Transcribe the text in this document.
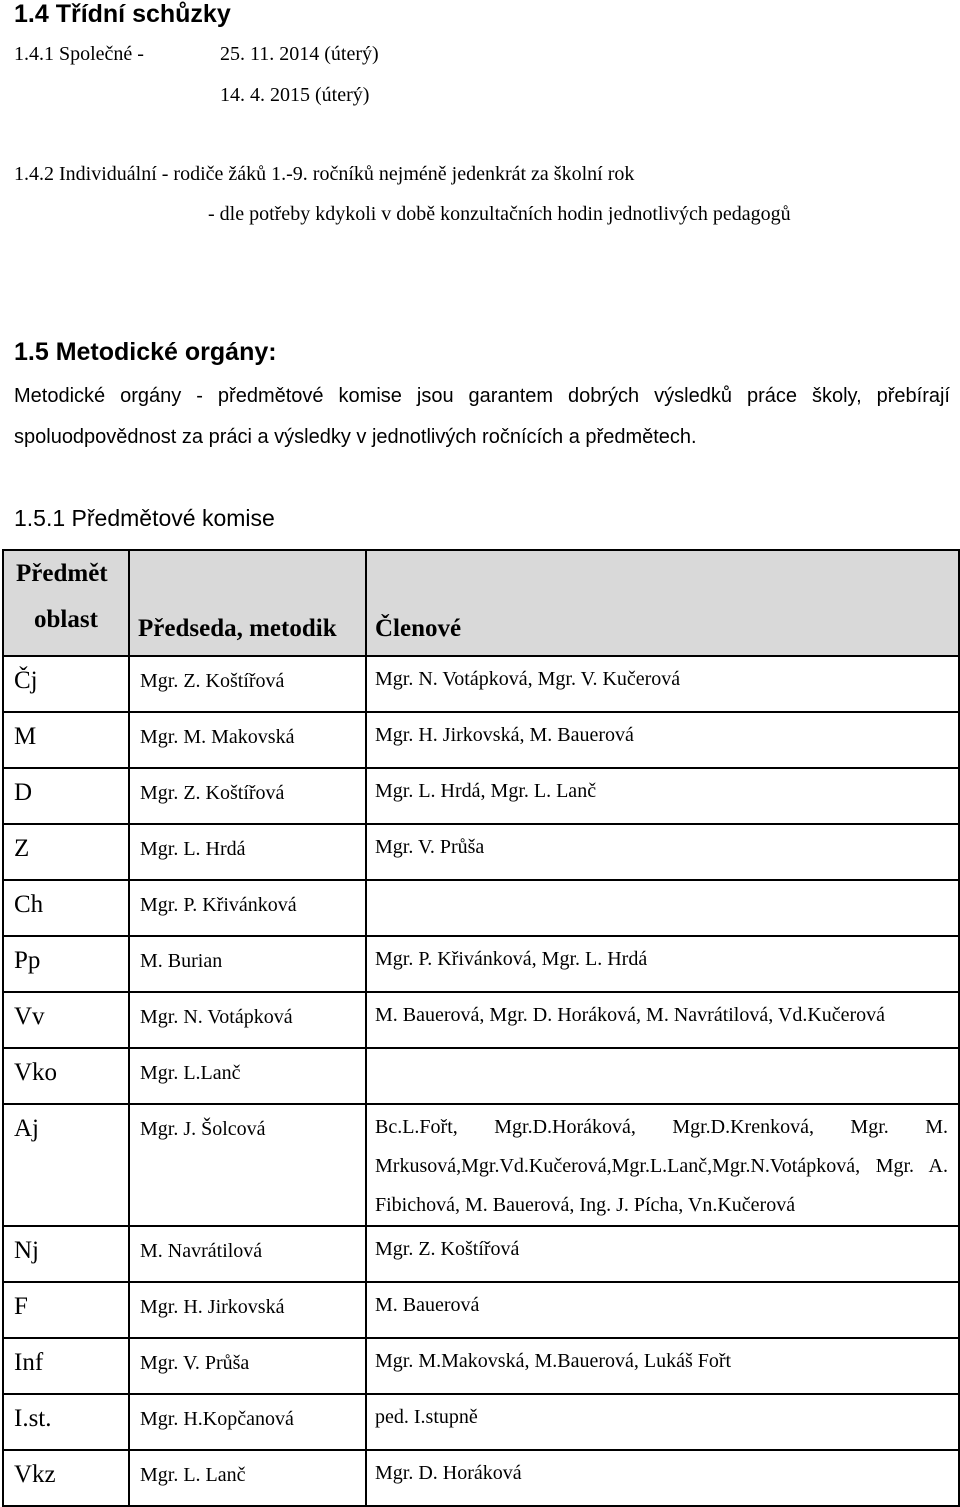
1.4 Třídní schůzky
1.4.1 Společné -	25. 11. 2014 (úterý)
14. 4. 2015 (úterý)
1.4.2 Individuální - rodiče žáků 1.-9. ročníků nejméně jedenkrát za školní rok
- dle potřeby kdykoli v době konzultačních hodin jednotlivých pedagogů
1.5 Metodické orgány:
Metodické orgány - předmětové komise jsou garantem dobrých výsledků práce školy, přebírají spoluodpovědnost za práci a výsledky v jednotlivých ročnících a předmětech.
1.5.1 Předmětové komise
Předmět
oblast	Předseda, metodik	Členové
Čj	Mgr. Z. Koštířová	Mgr. N. Votápková, Mgr. V. Kučerová
M	Mgr. M. Makovská	Mgr. H. Jirkovská, M. Bauerová
D	Mgr. Z. Koštířová	Mgr. L. Hrdá, Mgr. L. Lanč
Z	Mgr. L. Hrdá	Mgr. V. Průša
Ch	Mgr. P. Křivánková	
Pp	M. Burian	Mgr. P. Křivánková, Mgr. L. Hrdá
Vv	Mgr. N. Votápková	M. Bauerová, Mgr. D. Horáková, M. Navrátilová, Vd.Kučerová
Vko	Mgr. L.Lanč	
Aj	Mgr. J. Šolcová	Bc.L.Fořt, Mgr.D.Horáková, Mgr.D.Krenková, Mgr. M. Mrkusová,Mgr.Vd.Kučerová,Mgr.L.Lanč,Mgr.N.Votápková, Mgr. A. Fibichová, M. Bauerová, Ing. J. Pícha, Vn.Kučerová
Nj	M. Navrátilová	Mgr. Z. Koštířová
F	Mgr. H. Jirkovská	M. Bauerová
Inf	Mgr. V. Průša	Mgr. M.Makovská, M.Bauerová, Lukáš Fořt
I.st.	Mgr. H.Kopčanová	ped. I.stupně
Vkz	Mgr. L. Lanč	Mgr. D. Horáková
